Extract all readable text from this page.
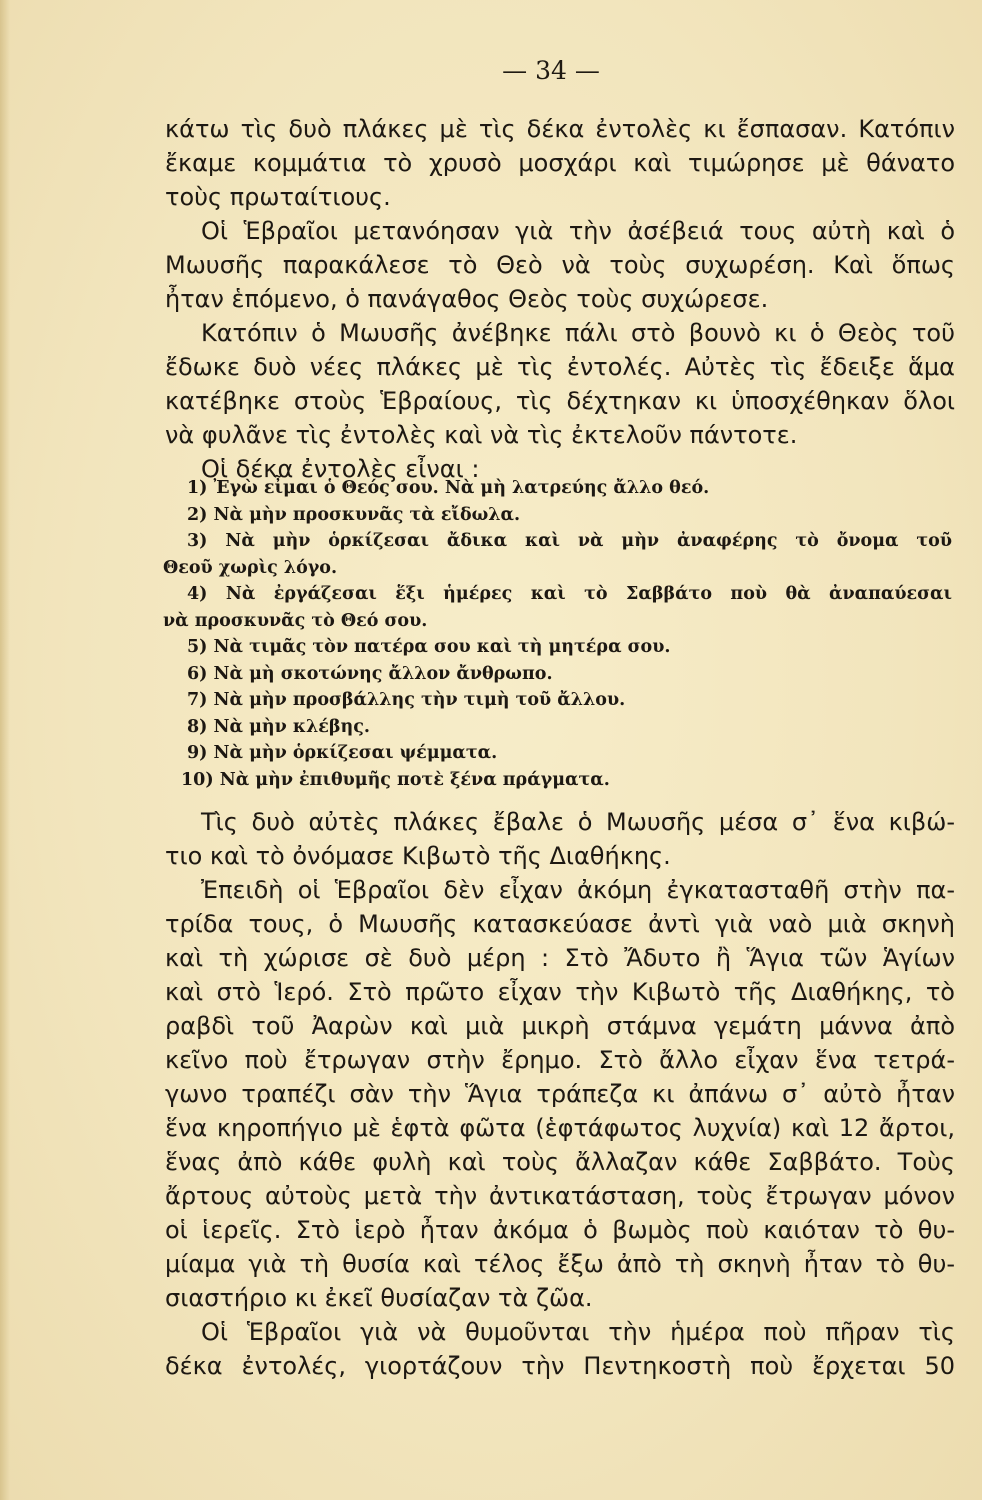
— 34 —
κάτω τὶς δυὸ πλάκες μὲ τὶς δέκα ἐντολὲς κι ἔσπασαν. Κατόπιν
ἔκαμε κομμάτια τὸ χρυσὸ μοσχάρι καὶ τιμώρησε μὲ θάνατο
τοὺς πρωταίτιους.
Οἱ Ἑβραῖοι μετανόησαν γιὰ τὴν ἀσέβειά τους αὐτὴ καὶ ὁ
Μωυσῆς παρακάλεσε τὸ Θεὸ νὰ τοὺς συχωρέση. Καὶ ὅπως
ἦταν ἑπόμενο, ὁ πανάγαθος Θεὸς τοὺς συχώρεσε.
Κατόπιν ὁ Μωυσῆς ἀνέβηκε πάλι στὸ βουνὸ κι ὁ Θεὸς τοῦ
ἔδωκε δυὸ νέες πλάκες μὲ τὶς ἐντολές. Αὐτὲς τὶς ἔδειξε ἅμα
κατέβηκε στοὺς Ἑβραίους, τὶς δέχτηκαν κι ὑποσχέθηκαν ὅλοι
νὰ φυλᾶνε τὶς ἐντολὲς καὶ νὰ τὶς ἐκτελοῦν πάντοτε.
Οἱ δέκα ἐντολὲς εἶναι :
1) Ἐγὼ εἶμαι ὁ Θεός σου. Νὰ μὴ λατρεύης ἄλλο θεό.
2) Νὰ μὴν προσκυνᾶς τὰ εἴδωλα.
3) Νὰ μὴν ὁρκίζεσαι ἄδικα καὶ νὰ μὴν ἀναφέρης τὸ ὄνομα τοῦ
Θεοῦ χωρὶς λόγο.
4) Νὰ ἐργάζεσαι ἕξι ἡμέρες καὶ τὸ Σαββάτο ποὺ θὰ ἀναπαύεσαι
νὰ προσκυνᾶς τὸ Θεό σου.
5) Νὰ τιμᾶς τὸν πατέρα σου καὶ τὴ μητέρα σου.
6) Νὰ μὴ σκοτώνης ἄλλον ἄνθρωπο.
7) Νὰ μὴν προσβάλλης τὴν τιμὴ τοῦ ἄλλου.
8) Νὰ μὴν κλέβης.
9) Νὰ μὴν ὁρκίζεσαι ψέμματα.
10) Νὰ μὴν ἐπιθυμῆς ποτὲ ξένα πράγματα.
Τὶς δυὸ αὐτὲς πλάκες ἔβαλε ὁ Μωυσῆς μέσα σ᾽ ἕνα κιβώ-
τιο καὶ τὸ ὀνόμασε Κιβωτὸ τῆς Διαθήκης.
Ἐπειδὴ οἱ Ἑβραῖοι δὲν εἶχαν ἀκόμη ἐγκατασταθῆ στὴν πα-
τρίδα τους, ὁ Μωυσῆς κατασκεύασε ἀντὶ γιὰ ναὸ μιὰ σκηνὴ
καὶ τὴ χώρισε σὲ δυὸ μέρη : Στὸ Ἄδυτο ἢ Ἅγια τῶν Ἁγίων
καὶ στὸ Ἱερό. Στὸ πρῶτο εἶχαν τὴν Κιβωτὸ τῆς Διαθήκης, τὸ
ραβδὶ τοῦ Ἀαρὼν καὶ μιὰ μικρὴ στάμνα γεμάτη μάννα ἀπὸ
κεῖνο ποὺ ἔτρωγαν στὴν ἔρημο. Στὸ ἄλλο εἶχαν ἕνα τετρά-
γωνο τραπέζι σὰν τὴν Ἅγια τράπεζα κι ἀπάνω σ᾽ αὐτὸ ἦταν
ἕνα κηροπήγιο μὲ ἑφτὰ φῶτα (ἑφτάφωτος λυχνία) καὶ 12 ἄρτοι,
ἕνας ἀπὸ κάθε φυλὴ καὶ τοὺς ἄλλαζαν κάθε Σαββάτο. Τοὺς
ἄρτους αὐτοὺς μετὰ τὴν ἀντικατάσταση, τοὺς ἔτρωγαν μόνον
οἱ ἱερεῖς. Στὸ ἱερὸ ἦταν ἀκόμα ὁ βωμὸς ποὺ καιόταν τὸ θυ-
μίαμα γιὰ τὴ θυσία καὶ τέλος ἔξω ἀπὸ τὴ σκηνὴ ἦταν τὸ θυ-
σιαστήριο κι ἐκεῖ θυσίαζαν τὰ ζῶα.
Οἱ Ἑβραῖοι γιὰ νὰ θυμοῦνται τὴν ἡμέρα ποὺ πῆραν τὶς
δέκα ἐντολές, γιορτάζουν τὴν Πεντηκοστὴ ποὺ ἔρχεται 50
